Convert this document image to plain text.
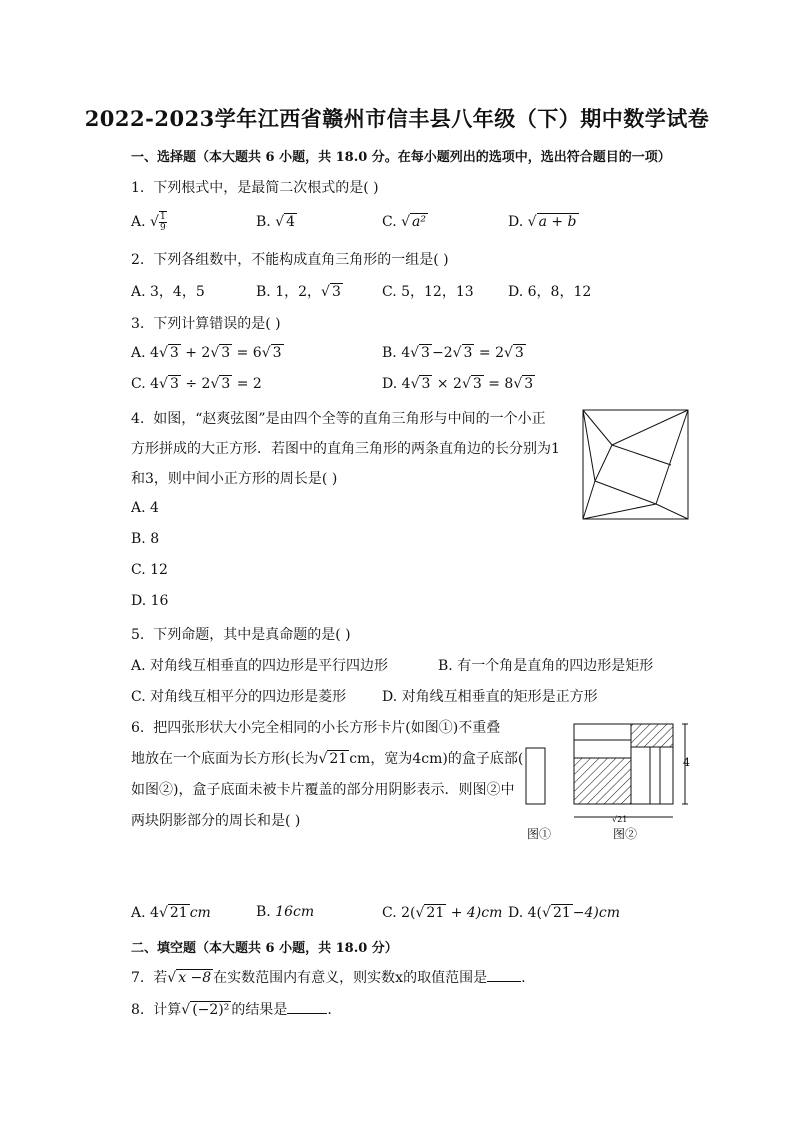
2022-2023学年江西省赣州市信丰县八年级（下）期中数学试卷
一、选择题（本大题共 6 小题，共 18.0 分。在每小题列出的选项中，选出符合题目的一项）
1. 下列根式中，是最简二次根式的是( )
A. √ $\frac{1}{9}$	B. √ 4	C. √ a²	D. √ a + b
2. 下列各组数中，不能构成直角三角形的一组是( )
A. 3，4，5	B. 1，2，√ 3	C. 5，12，13 D. 6，8，12
3. 下列计算错误的是( )
A. 4√ 3 + 2√ 3 = 6√ 3	B. 4√ 3 −2√ 3 = 2√ 3
C. 4√ 3 ÷ 2√ 3 = 2	D. 4√ 3 × 2√ 3 = 8√ 3
4. 如图，“赵爽弦图”是由四个全等的直角三角形与中间的一个小正
方形拼成的大正方形．若图中的直角三角形的两条直角边的长分别为1
和3，则中间小正方形的周长是( )
A. 4
B. 8
C. 12
D. 16
5. 下列命题，其中是真命题的是( )
A. 对角线互相垂直的四边形是平行四边形	B. 有一个角是直角的四边形是矩形
C. 对角线互相平分的四边形是菱形	D. 对角线互相垂直的矩形是正方形
6. 把四张形状大小完全相同的小长方形卡片(如图①)不重叠
地放在一个底面为长方形(长为√ 21 cm，宽为4cm)的盒子底部(
如图②)，盒子底面未被卡片覆盖的部分用阴影表示．则图②中
两块阴影部分的周长和是( )
4
√21
图①	图②
A. 4√ 21 cm	B. 16cm	C. 2(√ 21 + 4)cm D. 4(√ 21 −4)cm
二、填空题（本大题共 6 小题，共 18.0 分）
7. 若√ x −8 在实数范围内有意义，则实数x的取值范围是 .
8. 计算√ (−2)² 的结果是	.
